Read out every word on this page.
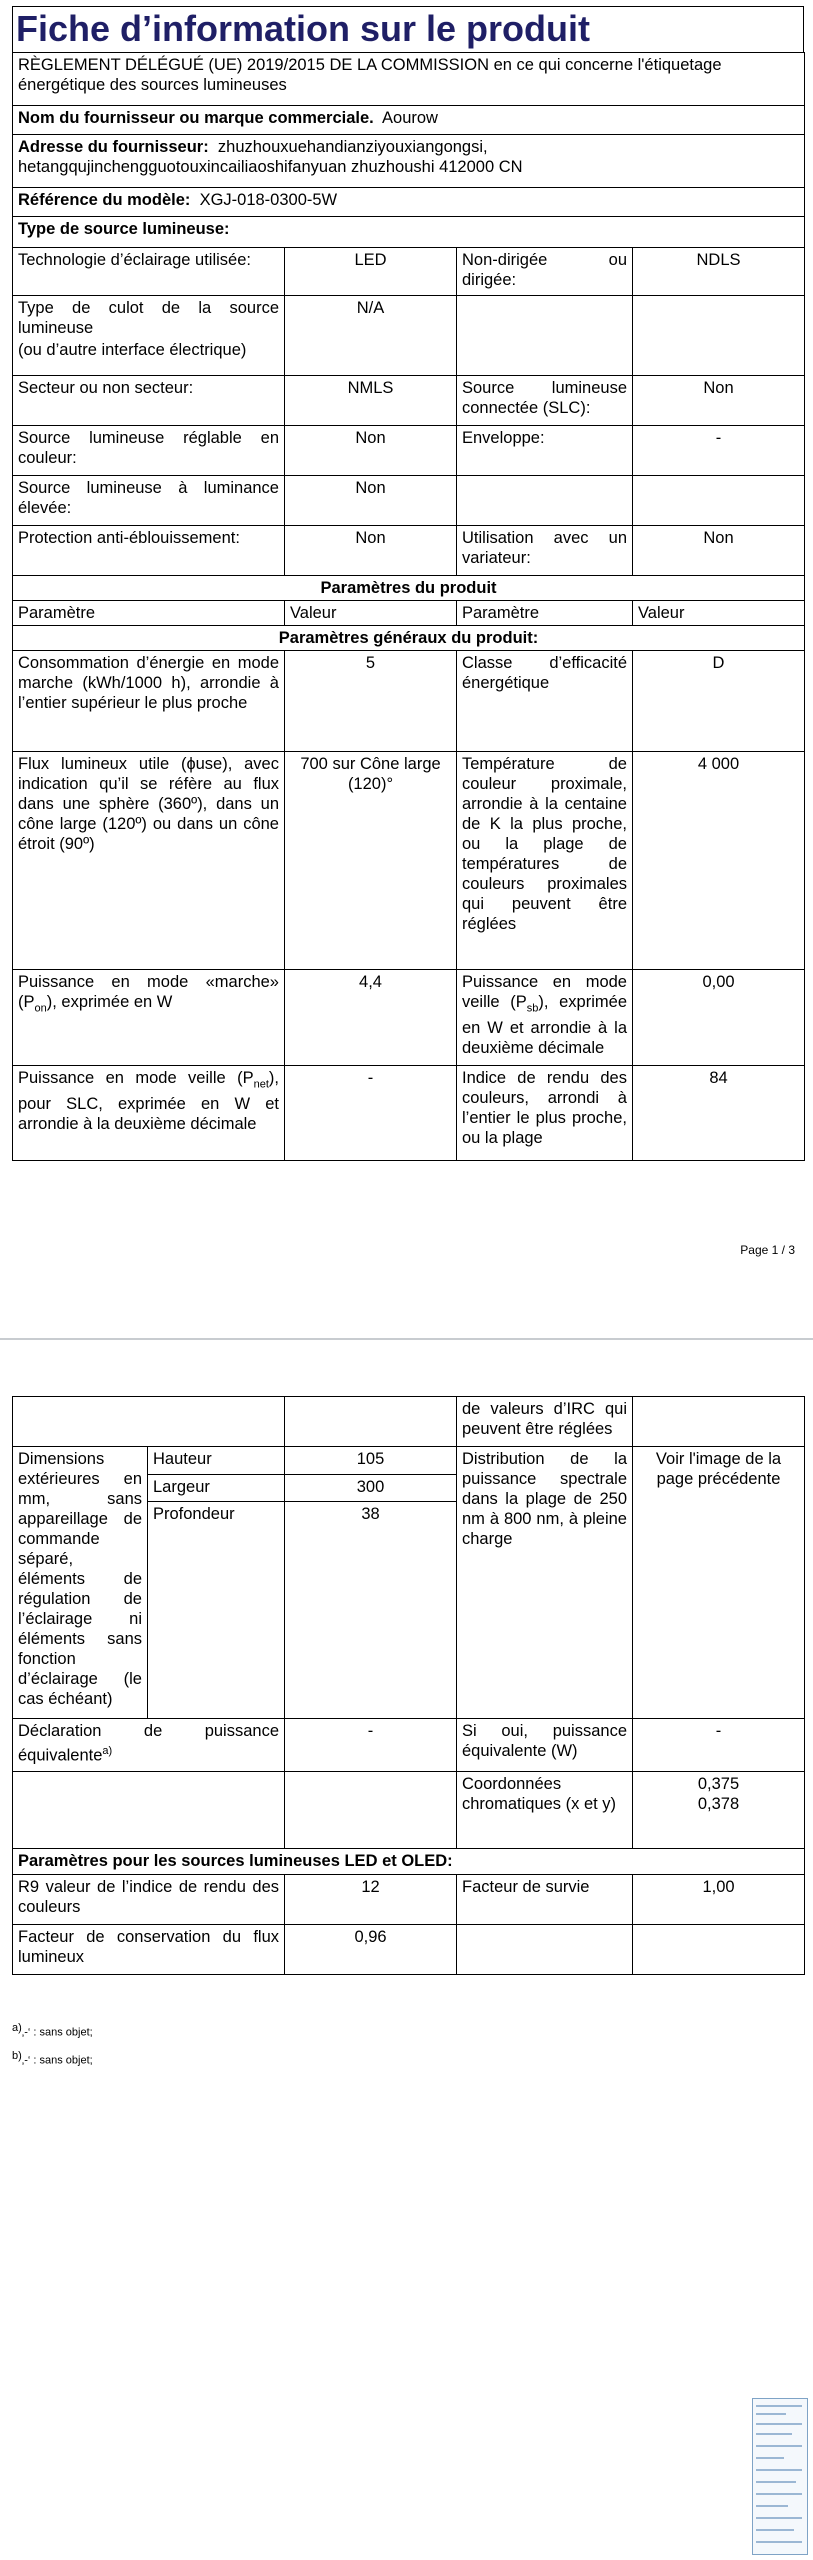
Fiche d’information sur le produit
RÈGLEMENT DÉLÉGUÉ (UE) 2019/2015 DE LA COMMISSION en ce qui concerne l'étiquetage énergétique des sources lumineuses			
Nom du fournisseur ou marque commerciale. Aourow			
Adresse du fournisseur: zhuzhouxuehandianziyouxiangongsi, hetangqujinchengguotouxincailiaoshifanyuan zhuzhoushi 412000 CN			
Référence du modèle: XGJ-018-0300-5W			
Type de source lumineuse:			
Technologie d’éclairage utilisée:	LED	Non-dirigée ou dirigée:	NDLS

Type de culot de la source lumineuse
(ou d’autre interface électrique)	N/A		
Secteur ou non secteur:	NMLS	Source lumineuse connectée (SLC):	Non
Source lumineuse réglable en couleur:	Non	Enveloppe:	-
Source lumineuse à luminance élevée:	Non		
Protection anti-éblouissement:	Non	Utilisation avec un variateur:	Non
Paramètres du produit			
Paramètre	Valeur	Paramètre	Valeur
Paramètres généraux du produit:			
Consommation d’énergie en mode marche (kWh/1000 h), arrondie à l’entier supérieur le plus proche	5	Classe d’efficacité énergétique	D
Flux lumineux utile (ɸuse), avec indication qu’il se réfère au flux dans une sphère (360º), dans un cône large (120º) ou dans un cône étroit (90º)	700 sur Cône large (120)°	Température de couleur proximale, arrondie à la centaine de K la plus proche, ou la plage de températures de couleurs proximales qui peuvent être réglées	4 000
Puissance en mode «marche» $(P_{on})$, exprimée en W	4,4	Puissance en mode veille $(P_{sb})$, exprimée en W et arrondie à la deuxième décimale	0,00
Puissance en mode veille $(P_{net})$, pour SLC, exprimée en W et arrondie à la deuxième décimale	-	Indice de rendu des couleurs, arrondi à l’entier le plus proche, ou la plage	84
Page 1 / 3
			de valeurs d’IRC qui peuvent être réglées	
Dimensions extérieures en mm, sans appareillage de commande séparé, éléments de régulation de l’éclairage ni éléments sans fonction d’éclairage (le cas échéant)	Hauteur	105	Distribution de la puissance spectrale dans la plage de 250 nm à 800 nm, à pleine charge	Voir l'image de la page précédente
	Largeur	300		
	Profondeur	38		
Déclaration de puissance équivalente$^{a)}$		-	Si oui, puissance équivalente (W)	-
			Coordonnées chromatiques (x et y)	0,375
0,378

Paramètres pour les sources lumineuses LED et OLED:				
R9 valeur de l’indice de rendu des couleurs		12	Facteur de survie	1,00
Facteur de conservation du flux lumineux		0,96		
$^{a)}$‚-‘ : sans objet;
$^{b)}$‚-‘ : sans objet;
